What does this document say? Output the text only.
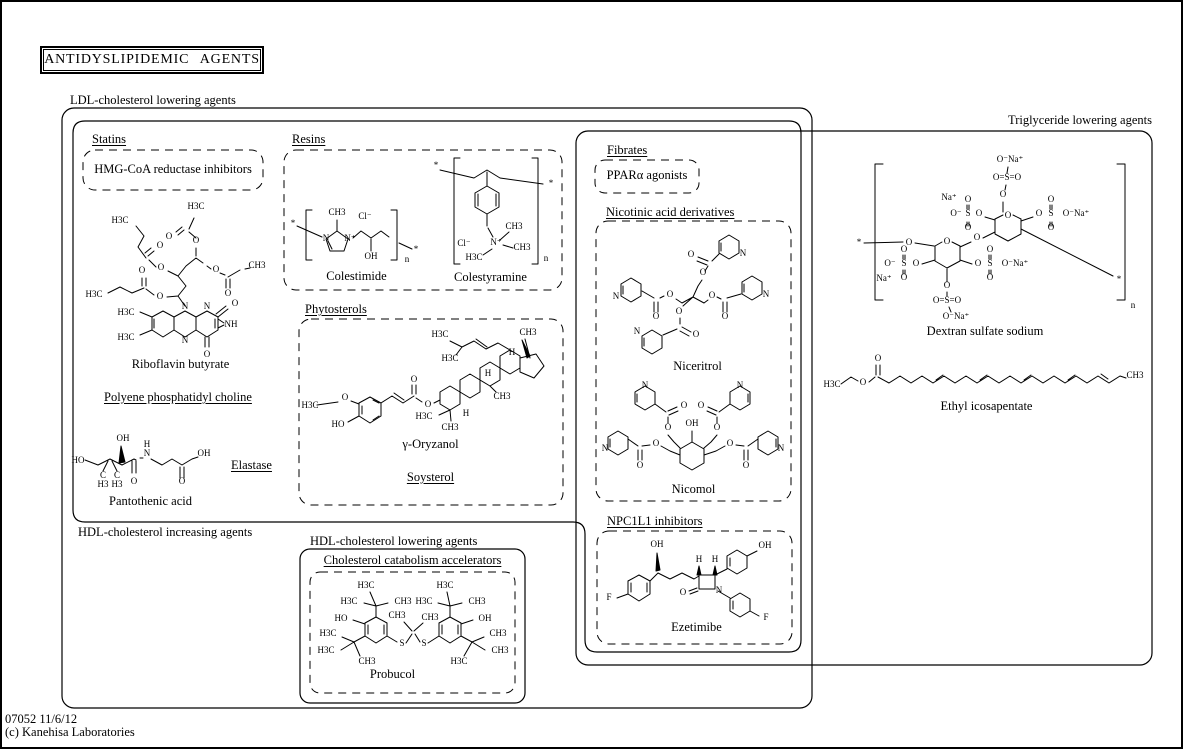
ANTIDYSLIPIDEMIC AGENTS
LDL-cholesterol lowering agents
Triglyceride lowering agents
HDL-cholesterol increasing agents
HDL-cholesterol lowering agents
Statins
HMG-CoA reductase inhibitors
Resins
Phytosterols
Fibrates
PPARα agonists
Nicotinic acid derivatives
NPC1L1 inhibitors
Cholesterol catabolism accelerators
Polyene phosphatidyl choline
Elastase
Soysterol
Riboflavin butyrate
Pantothenic acid
Colestimide	Colestyramine
γ-Oryzanol
Niceritrol
Nicomol
Ezetimibe
Dextran sulfate sodium
Ethyl icosapentate
Probucol
H3C
H3C
N
N
N
NH
O
O
O
O
H3C
O
O
H3C
O
O
H3C
O
O
CH3
HO
OH
C
H3
C
H3 O
H
N
O
OH
*
CH3 Cl⁻
N N⁺
OH	n
*
*
Cl⁻ N⁺
CH3
CH3
H3C	n
*
H3C
O
HO
O
O
H3C
CH3
H
CH3
H
H3C
H3C	CH3
H
N
N	N
N
O
O
O
O
O
O
O
O
OH
N	N
N	N
O
O
O
O
O
O
O
O
OH
F
H H
N
O
OH
F
*	O	O
O
O
O⁻Na⁺
O=S=O
O
Na⁺
O⁻ S
O
O
O	O S
O
O
O⁻Na⁺
O S
O
O
O⁻Na⁺
O
S
O
O
O⁻
Na⁺
O
O=S=O
O⁻Na⁺
n
*
H3C O
O
CH3
HO	OH
S S
CH3 CH3
H3C	CH3
H3C
H3C
H3C
CH3
H3C	CH3
H3C
CH3
CH3
H3C
07052 11/6/12
(c) Kanehisa Laboratories
